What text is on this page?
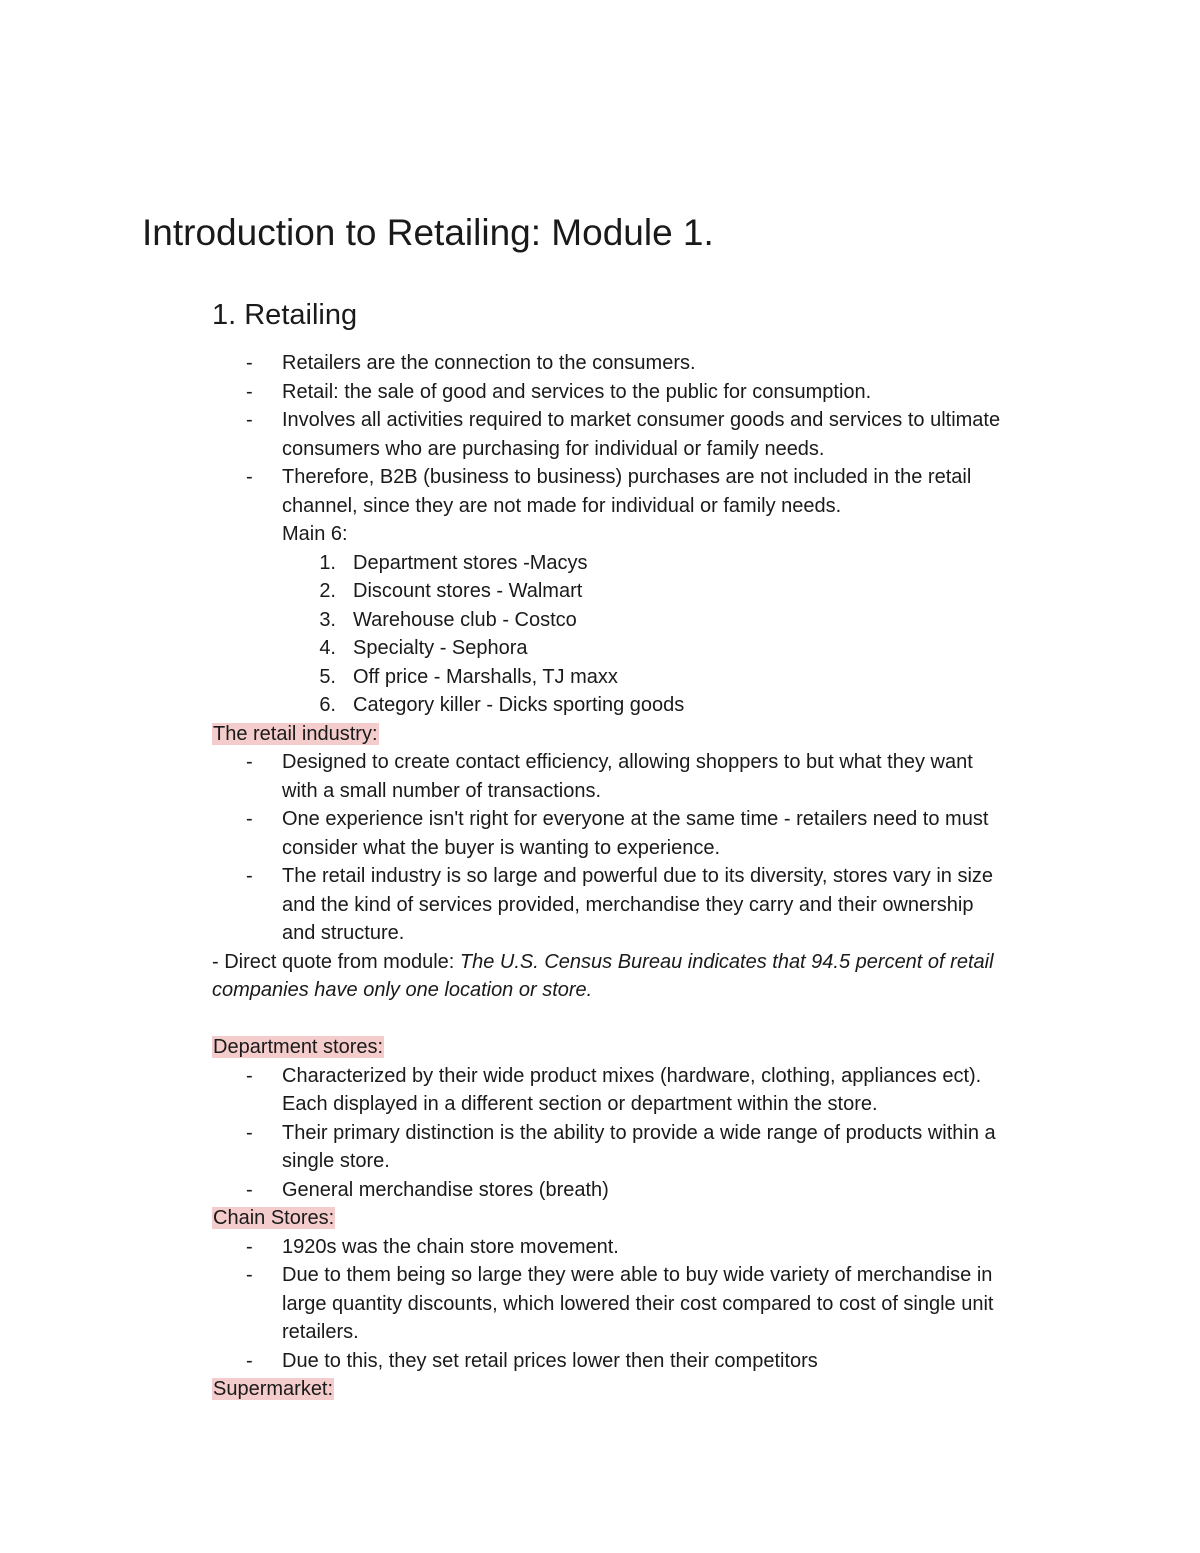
Introduction to Retailing: Module 1.
1. Retailing
- Retailers are the connection to the consumers.
- Retail: the sale of good and services to the public for consumption.
- Involves all activities required to market consumer goods and services to ultimate
consumers who are purchasing for individual or family needs.
- Therefore, B2B (business to business) purchases are not included in the retail
channel, since they are not made for individual or family needs.
Main 6:
1. Department stores -Macys
2. Discount stores - Walmart
3. Warehouse club - Costco
4. Specialty - Sephora
5. Off price - Marshalls, TJ maxx
6. Category killer - Dicks sporting goods
The retail industry:
- Designed to create contact efficiency, allowing shoppers to but what they want
with a small number of transactions.
- One experience isn't right for everyone at the same time - retailers need to must
consider what the buyer is wanting to experience.
- The retail industry is so large and powerful due to its diversity, stores vary in size
and the kind of services provided, merchandise they carry and their ownership
and structure.
- Direct quote from module: The U.S. Census Bureau indicates that 94.5 percent of retail
companies have only one location or store.
Department stores:
- Characterized by their wide product mixes (hardware, clothing, appliances ect).
Each displayed in a different section or department within the store.
- Their primary distinction is the ability to provide a wide range of products within a
single store.
- General merchandise stores (breath)
Chain Stores:
- 1920s was the chain store movement.
- Due to them being so large they were able to buy wide variety of merchandise in
large quantity discounts, which lowered their cost compared to cost of single unit
retailers.
- Due to this, they set retail prices lower then their competitors
Supermarket:
